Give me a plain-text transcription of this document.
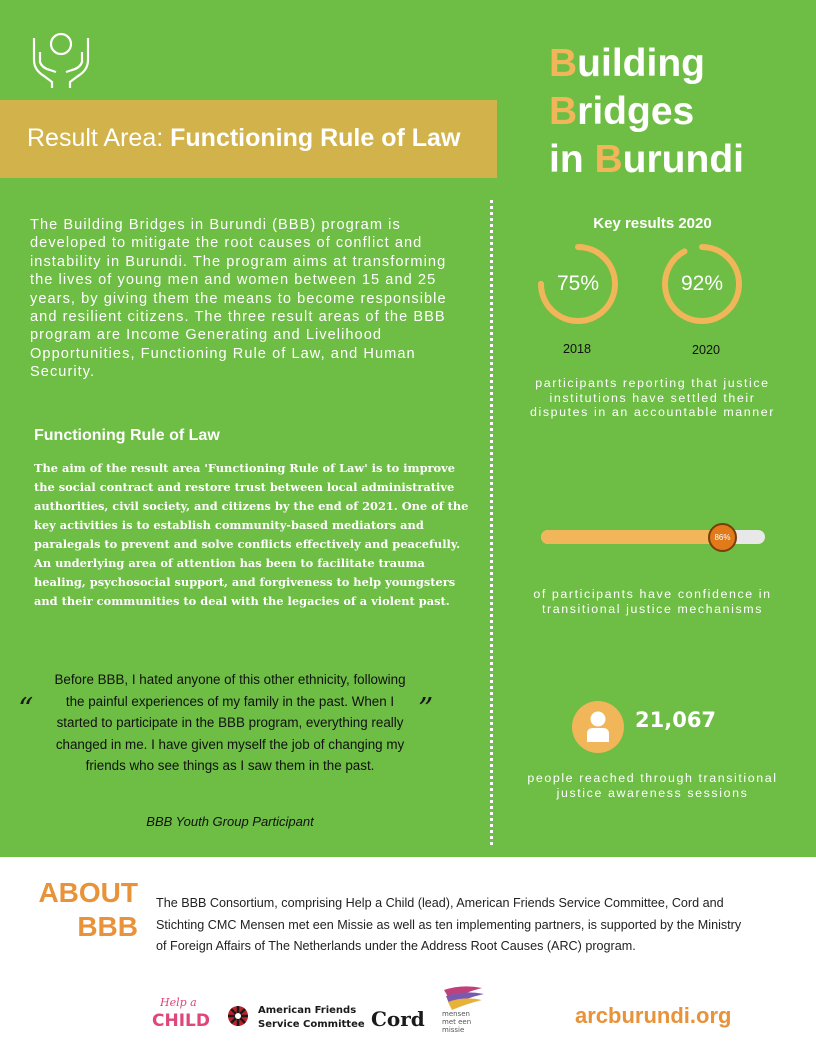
Building
Bridges
in Burundi
Result Area: Functioning Rule of Law
The Building Bridges in Burundi (BBB) program is developed to mitigate the root causes of conflict and instability in Burundi. The program aims at transforming the lives of young men and women between 15 and 25 years, by giving them the means to become responsible and resilient citizens. The three result areas of the BBB program are Income Generating and Livelihood Opportunities, Functioning Rule of Law, and Human Security.
Functioning Rule of Law
The aim of the result area 'Functioning Rule of Law' is to improve the social contract and restore trust between local administrative authorities, civil society, and citizens by the end of 2021. One of the key activities is to establish community-based mediators and paralegals to prevent and solve conflicts effectively and peacefully. An underlying area of attention has been to facilitate trauma healing, psychosocial support, and forgiveness to help youngsters and their communities to deal with the legacies of a violent past.
“
Before BBB, I hated anyone of this other ethnicity, following the painful experiences of my family in the past. When I started to participate in the BBB program, everything really changed in me. I have given myself the job of changing my friends who see things as I saw them in the past.
”
BBB Youth Group Participant
Key results 2020
75%	92%
2018	2020
participants reporting that justice institutions have settled their disputes in an accountable manner
86%
of participants have confidence in transitional justice mechanisms
21,067
people reached through transitional justice awareness sessions
ABOUT
BBB
The BBB Consortium, comprising Help a Child (lead), American Friends Service Committee, Cord and Stichting CMC Mensen met een Missie as well as ten implementing partners, is supported by the Ministry of Foreign Affairs of The Netherlands under the Address Root Causes (ARC) program.
Help a
CHILD
American Friends
Service Committee Cord mensen
met een
missie
arcburundi.org
